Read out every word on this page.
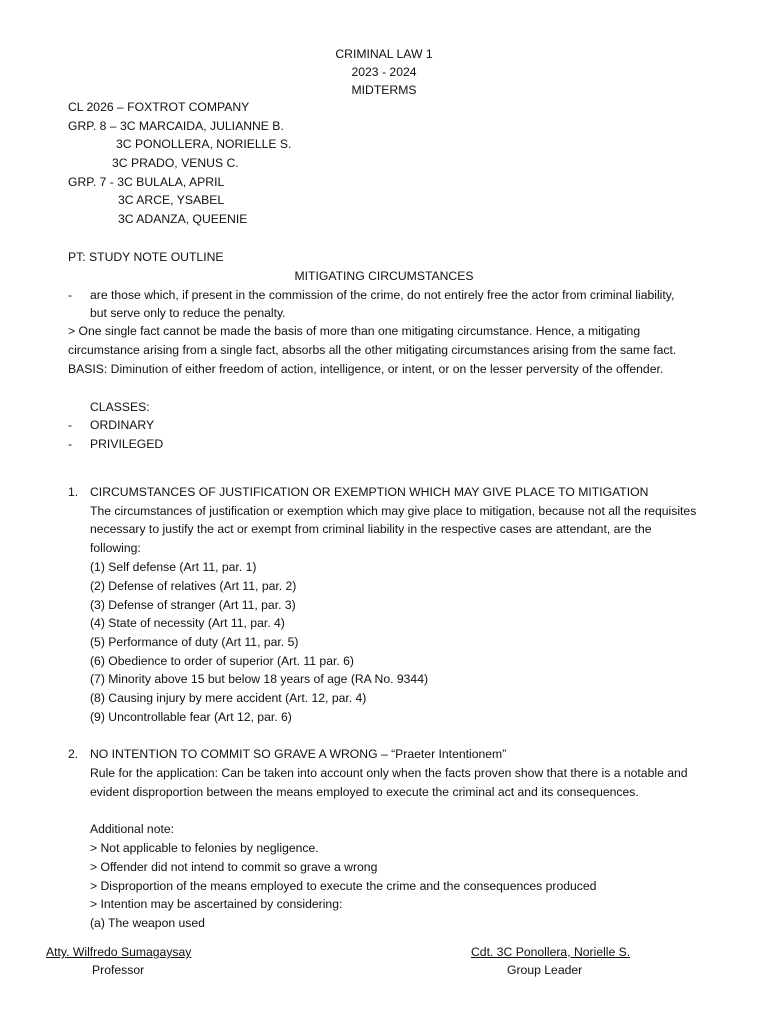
CRIMINAL LAW 1
2023 - 2024
MIDTERMS
CL 2026 – FOXTROT COMPANY
GRP. 8 – 3C MARCAIDA, JULIANNE B.
3C PONOLLERA, NORIELLE S.
3C PRADO, VENUS C.
GRP. 7 - 3C BULALA, APRIL
3C ARCE, YSABEL
3C ADANZA, QUEENIE
PT: STUDY NOTE OUTLINE
MITIGATING CIRCUMSTANCES
- are those which, if present in the commission of the crime, do not entirely free the actor from criminal liability,
but serve only to reduce the penalty.
> One single fact cannot be made the basis of more than one mitigating circumstance. Hence, a mitigating
circumstance arising from a single fact, absorbs all the other mitigating circumstances arising from the same fact.
BASIS: Diminution of either freedom of action, intelligence, or intent, or on the lesser perversity of the offender.
CLASSES:
- ORDINARY
- PRIVILEGED
1. CIRCUMSTANCES OF JUSTIFICATION OR EXEMPTION WHICH MAY GIVE PLACE TO MITIGATION
The circumstances of justification or exemption which may give place to mitigation, because not all the requisites
necessary to justify the act or exempt from criminal liability in the respective cases are attendant, are the
following:
(1) Self defense (Art 11, par. 1)
(2) Defense of relatives (Art 11, par. 2)
(3) Defense of stranger (Art 11, par. 3)
(4) State of necessity (Art 11, par. 4)
(5) Performance of duty (Art 11, par. 5)
(6) Obedience to order of superior (Art. 11 par. 6)
(7) Minority above 15 but below 18 years of age (RA No. 9344)
(8) Causing injury by mere accident (Art. 12, par. 4)
(9) Uncontrollable fear (Art 12, par. 6)
2. NO INTENTION TO COMMIT SO GRAVE A WRONG – “Praeter Intentionem”
Rule for the application: Can be taken into account only when the facts proven show that there is a notable and
evident disproportion between the means employed to execute the criminal act and its consequences.
Additional note:
> Not applicable to felonies by negligence.
> Offender did not intend to commit so grave a wrong
> Disproportion of the means employed to execute the crime and the consequences produced
> Intention may be ascertained by considering:
(a) The weapon used
Atty. Wilfredo Sumagaysay
Professor
Cdt. 3C Ponollera, Norielle S.
Group Leader
